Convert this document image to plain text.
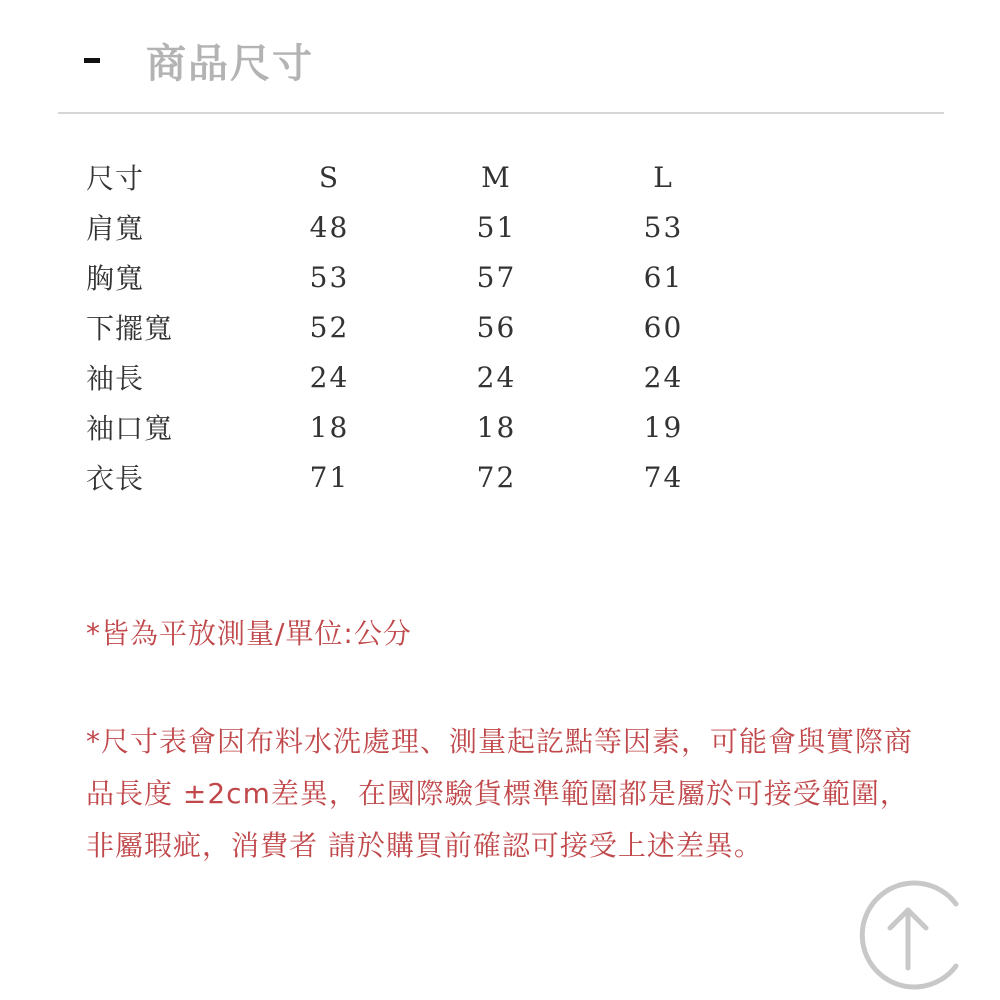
商品尺寸
尺寸	S	M	L
肩寬	48	51	53
胸寬	53	57	61
下擺寬	52	56	60
袖長	24	24	24
袖口寬	18	18	19
衣長	71	72	74
*皆為平放測量/單位:公分
*尺寸表會因布料水洗處理、測量起訖點等因素，可能會與實際商品長度 ±2cm差異，在國際驗貨標準範圍都是屬於可接受範圍，非屬瑕疵，消費者 請於購買前確認可接受上述差異。
